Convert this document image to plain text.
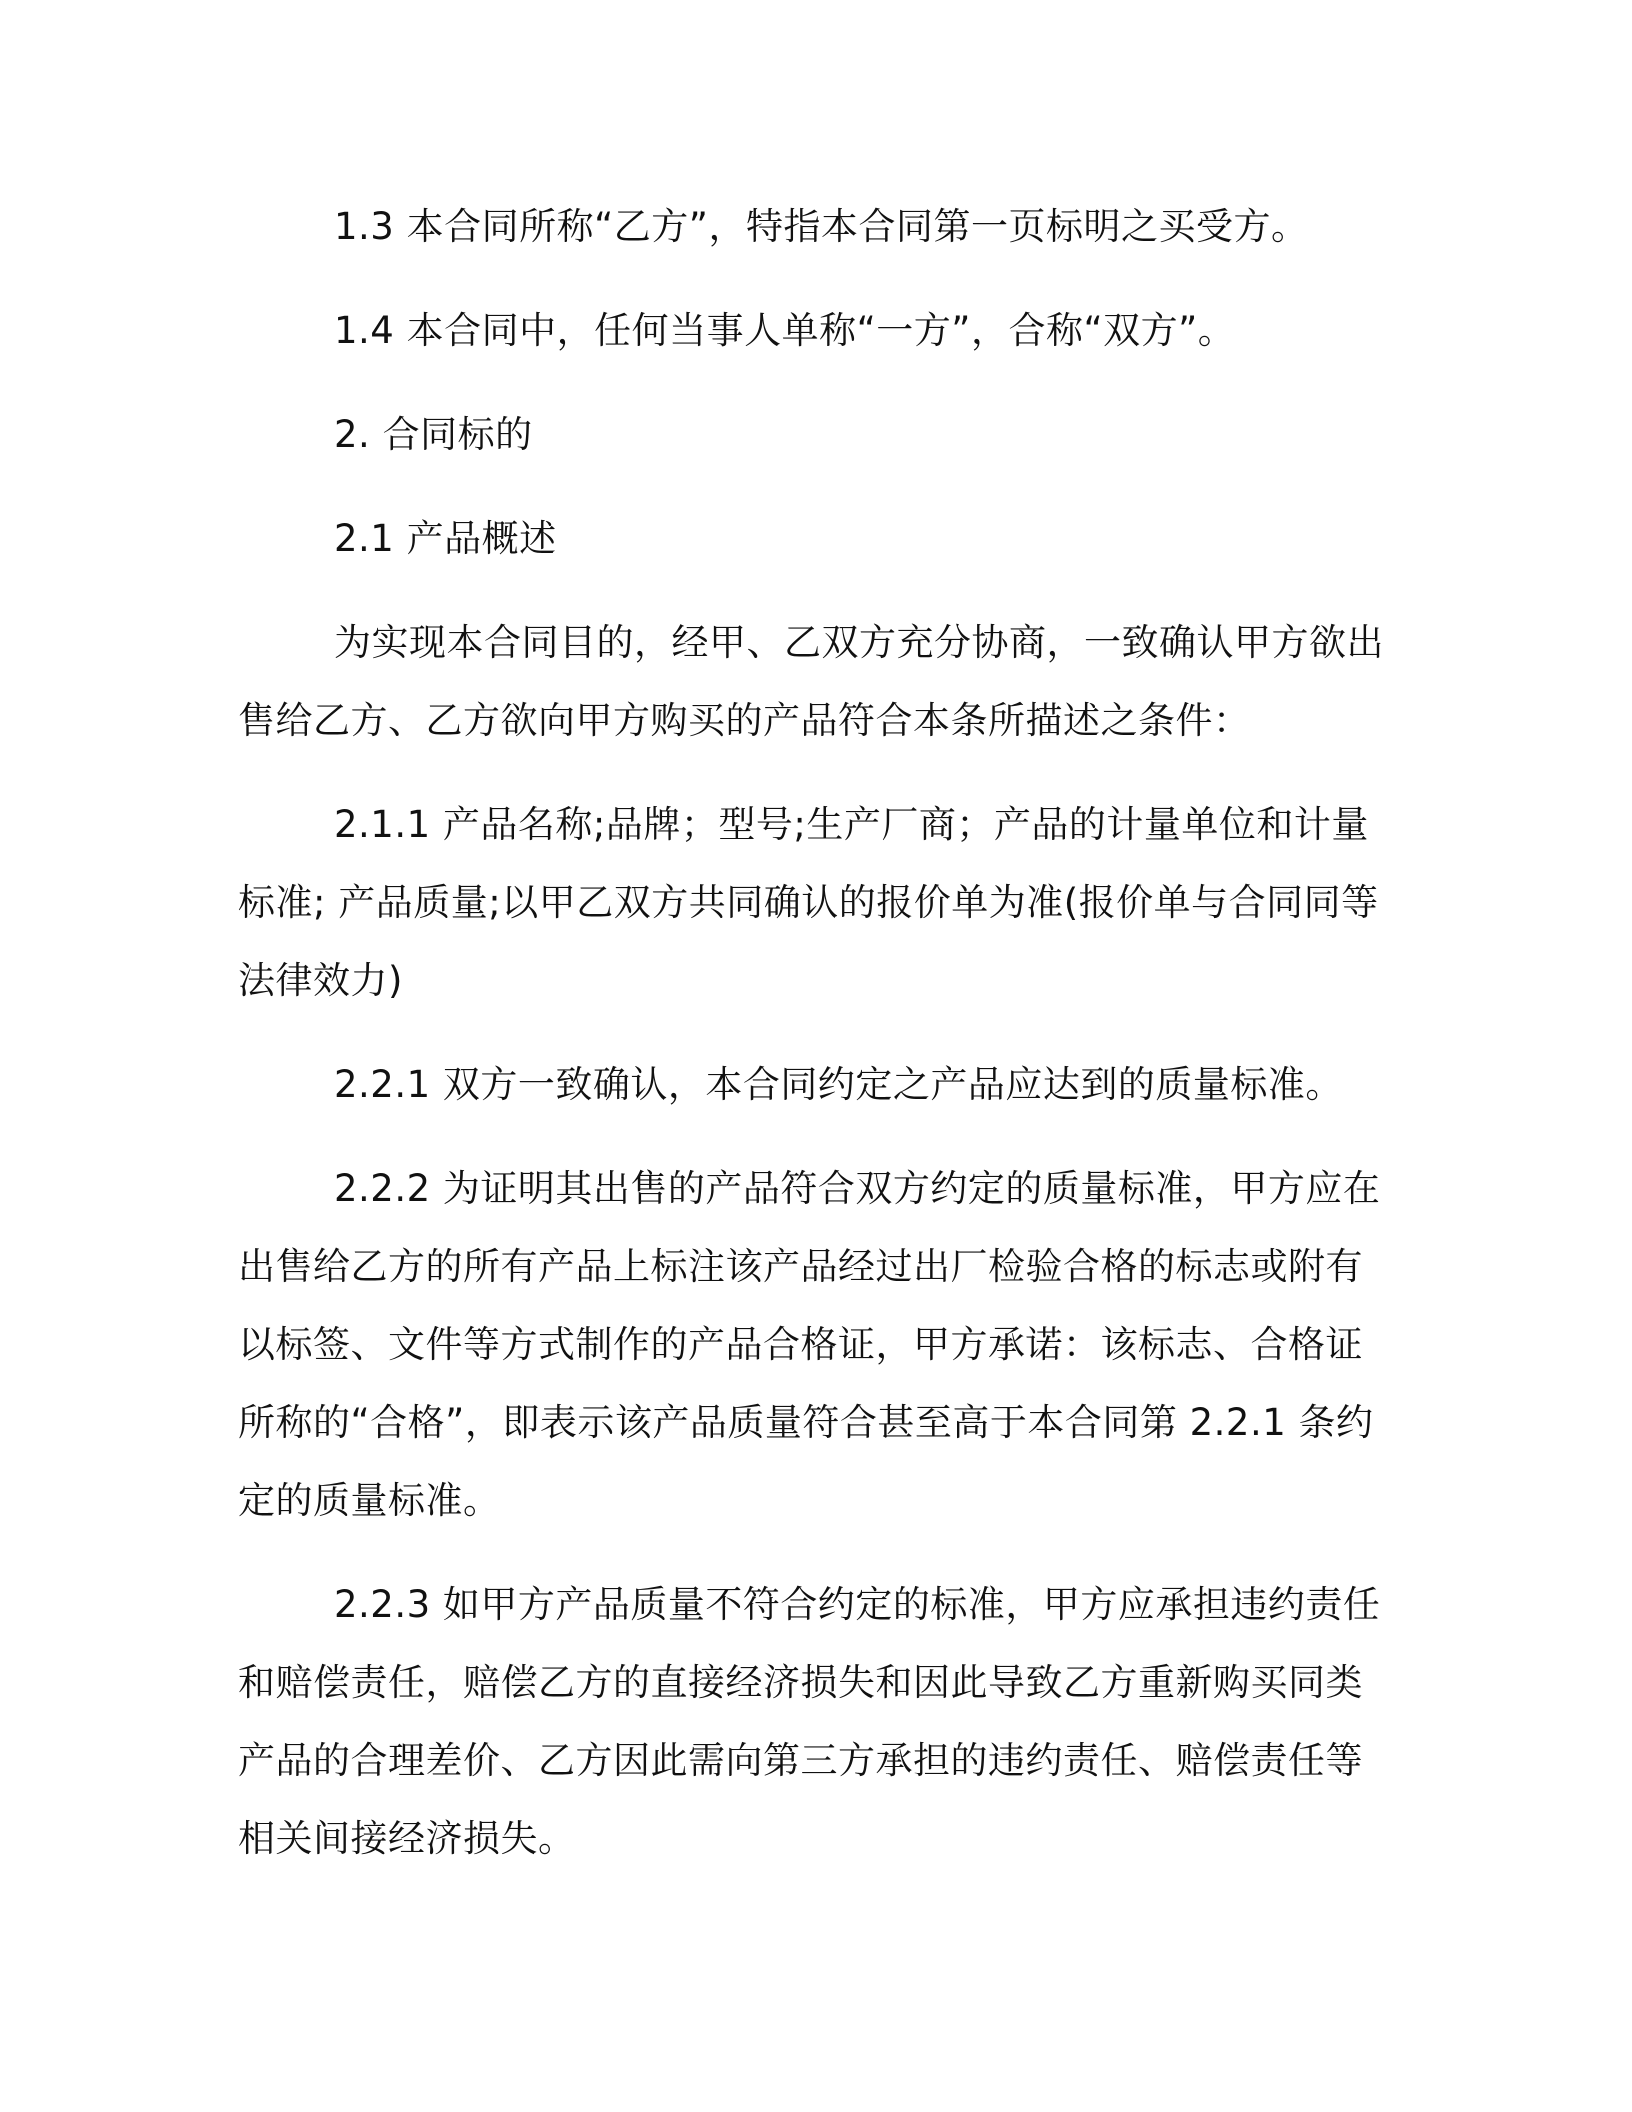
1.3 本合同所称“乙方”，特指本合同第一页标明之买受方。

1.4 本合同中，任何当事人单称“一方”，合称“双方”。

2. 合同标的

2.1 产品概述

为实现本合同目的，经甲、乙双方充分协商，一致确认甲方欲出售给乙方、乙方欲向甲方购买的产品符合本条所描述之条件：

2.1.1 产品名称;品牌；型号;生产厂商；产品的计量单位和计量标准; 产品质量;以甲乙双方共同确认的报价单为准(报价单与合同同等法律效力)

2.2.1 双方一致确认，本合同约定之产品应达到的质量标准。

2.2.2 为证明其出售的产品符合双方约定的质量标准，甲方应在出售给乙方的所有产品上标注该产品经过出厂检验合格的标志或附有以标签、文件等方式制作的产品合格证，甲方承诺：该标志、合格证所称的“合格”，即表示该产品质量符合甚至高于本合同第 2.2.1 条约定的质量标准。

2.2.3 如甲方产品质量不符合约定的标准，甲方应承担违约责任和赔偿责任，赔偿乙方的直接经济损失和因此导致乙方重新购买同类产品的合理差价、乙方因此需向第三方承担的违约责任、赔偿责任等相关间接经济损失。
